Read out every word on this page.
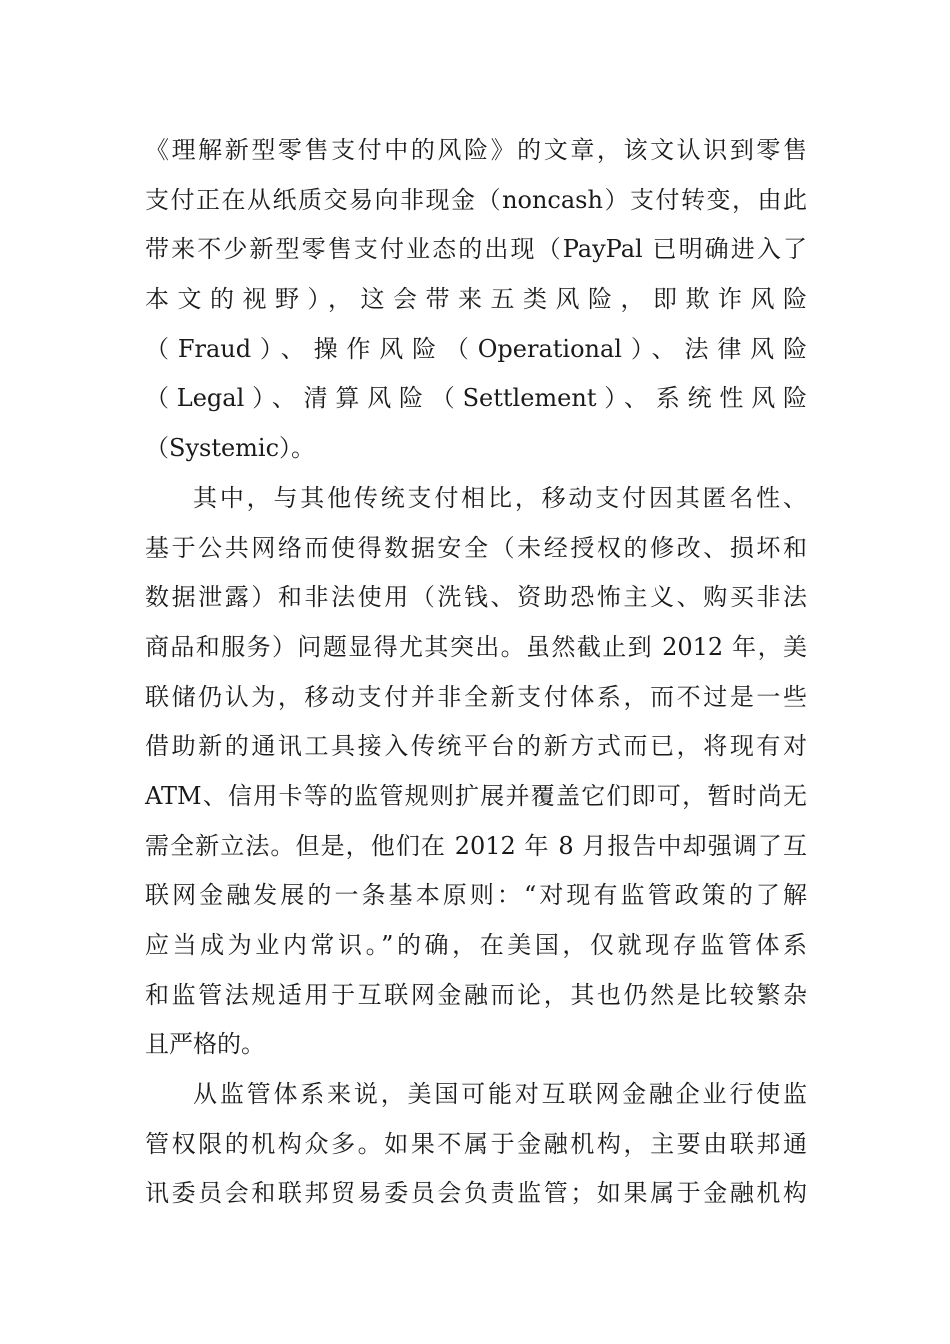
《理解新型零售支付中的风险》的文章，该文认识到零售
支付正在从纸质交易向非现金（noncash）支付转变，由此
带来不少新型零售支付业态的出现（PayPal 已明确进入了
本文的视野），这会带来五类风险，即欺诈风险
（Fraud）、操作风险（Operational）、法律风险
（Legal）、清算风险（Settlement）、系统性风险
（Systemic）。
其中，与其他传统支付相比，移动支付因其匿名性、
基于公共网络而使得数据安全（未经授权的修改、损坏和
数据泄露）和非法使用（洗钱、资助恐怖主义、购买非法
商品和服务）问题显得尤其突出。虽然截止到 2012 年，美
联储仍认为，移动支付并非全新支付体系，而不过是一些
借助新的通讯工具接入传统平台的新方式而已，将现有对
ATM、信用卡等的监管规则扩展并覆盖它们即可，暂时尚无
需全新立法。但是，他们在 2012 年 8 月报告中却强调了互
联网金融发展的一条基本原则：“对现有监管政策的了解
应当成为业内常识。”的确，在美国，仅就现存监管体系
和监管法规适用于互联网金融而论，其也仍然是比较繁杂
且严格的。
从监管体系来说，美国可能对互联网金融企业行使监
管权限的机构众多。如果不属于金融机构，主要由联邦通
讯委员会和联邦贸易委员会负责监管；如果属于金融机构
